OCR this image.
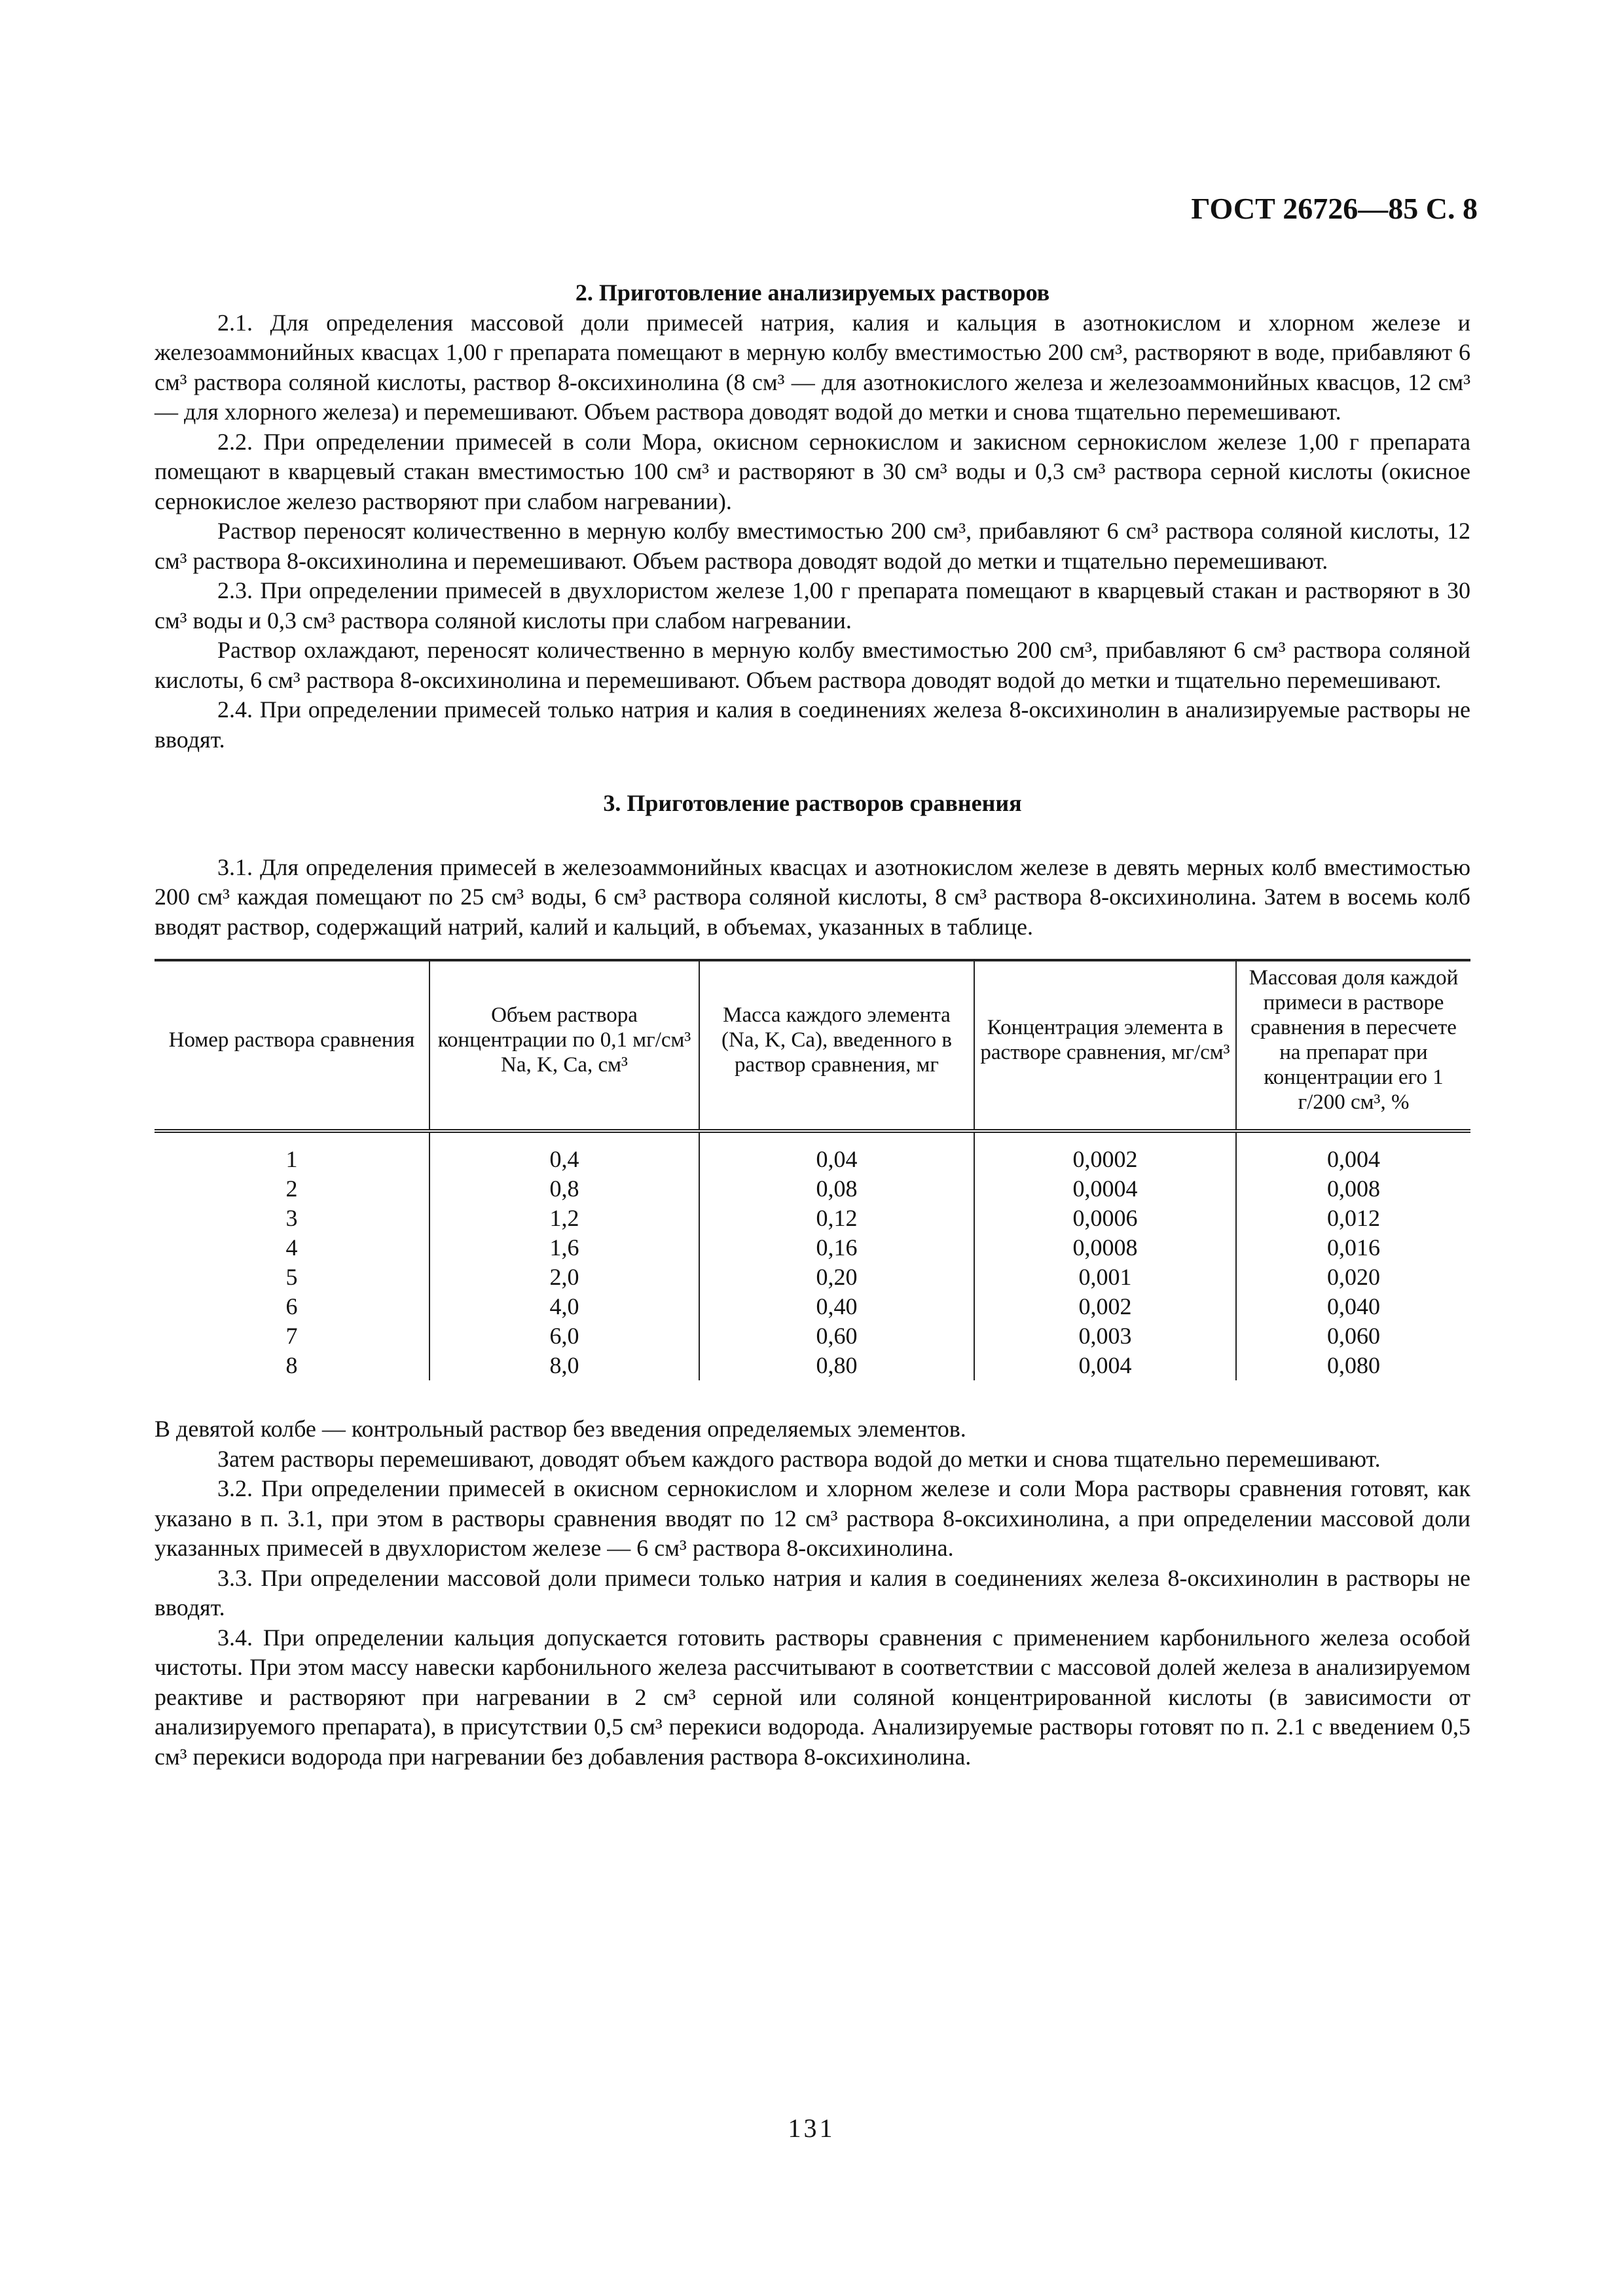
ГОСТ 26726—85 С. 8
2. Приготовление анализируемых растворов

2.1. Для определения массовой доли примесей натрия, калия и кальция в азотнокислом и хлорном железе и железоаммонийных квасцах 1,00 г препарата помещают в мерную колбу вместимостью 200 см³, растворяют в воде, прибавляют 6 см³ раствора соляной кислоты, раствор 8-оксихинолина (8 см³ — для азотнокислого железа и железоаммонийных квасцов, 12 см³ — для хлорного железа) и перемешивают. Объем раствора доводят водой до метки и снова тщательно перемешивают.

2.2. При определении примесей в соли Мора, окисном сернокислом и закисном сернокислом железе 1,00 г препарата помещают в кварцевый стакан вместимостью 100 см³ и растворяют в 30 см³ воды и 0,3 см³ раствора серной кислоты (окисное сернокислое железо растворяют при слабом нагревании).

Раствор переносят количественно в мерную колбу вместимостью 200 см³, прибавляют 6 см³ раствора соляной кислоты, 12 см³ раствора 8-оксихинолина и перемешивают. Объем раствора доводят водой до метки и тщательно перемешивают.

2.3. При определении примесей в двухлористом железе 1,00 г препарата помещают в кварцевый стакан и растворяют в 30 см³ воды и 0,3 см³ раствора соляной кислоты при слабом нагревании.

Раствор охлаждают, переносят количественно в мерную колбу вместимостью 200 см³, прибавляют 6 см³ раствора соляной кислоты, 6 см³ раствора 8-оксихинолина и перемешивают. Объем раствора доводят водой до метки и тщательно перемешивают.

2.4. При определении примесей только натрия и калия в соединениях железа 8-оксихинолин в анализируемые растворы не вводят.

3. Приготовление растворов сравнения

3.1. Для определения примесей в железоаммонийных квасцах и азотнокислом железе в девять мерных колб вместимостью 200 см³ каждая помещают по 25 см³ воды, 6 см³ раствора соляной кислоты, 8 см³ раствора 8-оксихинолина. Затем в восемь колб вводят раствор, содержащий натрий, калий и кальций, в объемах, указанных в таблице.

Номер раствора сравнения	Объем раствора концентрации по 0,1 мг/см³ Na, K, Ca, см³	Масса каждого элемента (Na, K, Ca), введенного в раствор сравнения, мг	Концентрация элемента в растворе сравнения, мг/см³	Массовая доля каждой примеси в растворе сравнения в пересчете на препарат при концентрации его 1 г/200 см³, %
1	0,4	0,04	0,0002	0,004
2	0,8	0,08	0,0004	0,008
3	1,2	0,12	0,0006	0,012
4	1,6	0,16	0,0008	0,016
5	2,0	0,20	0,001	0,020
6	4,0	0,40	0,002	0,040
7	6,0	0,60	0,003	0,060
8	8,0	0,80	0,004	0,080

В девятой колбе — контрольный раствор без введения определяемых элементов.

Затем растворы перемешивают, доводят объем каждого раствора водой до метки и снова тщательно перемешивают.

3.2. При определении примесей в окисном сернокислом и хлорном железе и соли Мора растворы сравнения готовят, как указано в п. 3.1, при этом в растворы сравнения вводят по 12 см³ раствора 8-оксихинолина, а при определении массовой доли указанных примесей в двухлористом железе — 6 см³ раствора 8-оксихинолина.

3.3. При определении массовой доли примеси только натрия и калия в соединениях железа 8-оксихинолин в растворы не вводят.

3.4. При определении кальция допускается готовить растворы сравнения с применением карбонильного железа особой чистоты. При этом массу навески карбонильного железа рассчитывают в соответствии с массовой долей железа в анализируемом реактиве и растворяют при нагревании в 2 см³ серной или соляной концентрированной кислоты (в зависимости от анализируемого препарата), в присутствии 0,5 см³ перекиси водорода. Анализируемые растворы готовят по п. 2.1 с введением 0,5 см³ перекиси водорода при нагревании без добавления раствора 8-оксихинолина.

131
